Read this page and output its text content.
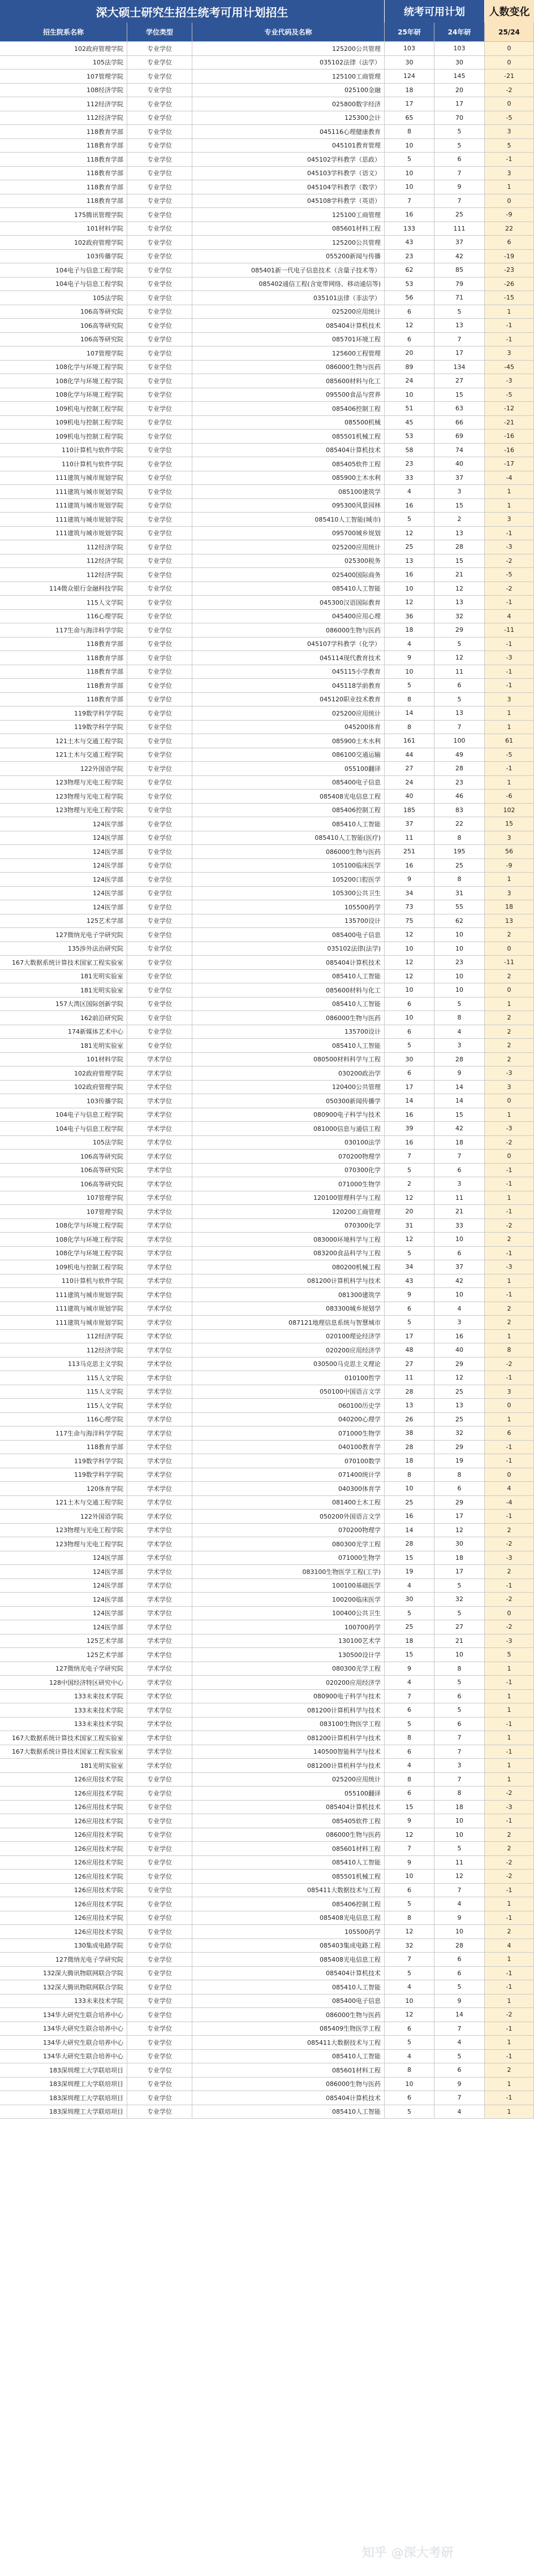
深大硕士研究生招生统考可用计划招生	统考可用计划	人数变化
招生院系名称	学位类型	专业代码及名称	25年研	24年研	25/24
102政府管理学院	专业学位	125200公共管理	103	103	0
105法学院	专业学位	035102法律（法学）	30	30	0
107管理学院	专业学位	125100工商管理	124	145	-21
108经济学院	专业学位	025100金融	18	20	-2
112经济学院	专业学位	025800数字经济	17	17	0
112经济学院	专业学位	125300会计	65	70	-5
118教育学部	专业学位	045116心理健康教育	8	5	3
118教育学部	专业学位	045101教育管理	10	5	5
118教育学部	专业学位	045102学科教学（思政）	5	6	-1
118教育学部	专业学位	045103学科教学（语文）	10	7	3
118教育学部	专业学位	045104学科教学（数学）	10	9	1
118教育学部	专业学位	045108学科教学（英语）	7	7	0
175腾讯管理学院	专业学位	125100工商管理	16	25	-9
101材料学院	专业学位	085601材料工程	133	111	22
102政府管理学院	专业学位	125200公共管理	43	37	6
103传播学院	专业学位	055200新闻与传播	23	42	-19
104电子与信息工程学院	专业学位	085401新一代电子信息技术（含量子技术等）	62	85	-23
104电子与信息工程学院	专业学位	085402通信工程(含宽带网络、移动通信等)	53	79	-26
105法学院	专业学位	035101法律（非法学）	56	71	-15
106高等研究院	专业学位	025200应用统计	6	5	1
106高等研究院	专业学位	085404计算机技术	12	13	-1
106高等研究院	专业学位	085701环境工程	6	7	-1
107管理学院	专业学位	125600工程管理	20	17	3
108化学与环境工程学院	专业学位	086000生物与医药	89	134	-45
108化学与环境工程学院	专业学位	085600材料与化工	24	27	-3
108化学与环境工程学院	专业学位	095500食品与营养	10	15	-5
109机电与控制工程学院	专业学位	085406控制工程	51	63	-12
109机电与控制工程学院	专业学位	085500机械	45	66	-21
109机电与控制工程学院	专业学位	085501机械工程	53	69	-16
110计算机与软件学院	专业学位	085404计算机技术	58	74	-16
110计算机与软件学院	专业学位	085405软件工程	23	40	-17
111建筑与城市规划学院	专业学位	085900土木水利	33	37	-4
111建筑与城市规划学院	专业学位	085100建筑学	4	3	1
111建筑与城市规划学院	专业学位	095300风景园林	16	15	1
111建筑与城市规划学院	专业学位	085410人工智能(城市)	5	2	3
111建筑与城市规划学院	专业学位	095700城乡规划	12	13	-1
112经济学院	专业学位	025200应用统计	25	28	-3
112经济学院	专业学位	025300税务	13	15	-2
112经济学院	专业学位	025400国际商务	16	21	-5
114微众银行金融科技学院	专业学位	085410人工智能	10	12	-2
115人文学院	专业学位	045300汉语国际教育	12	13	-1
116心理学院	专业学位	045400应用心理	36	32	4
117生命与海洋科学学院	专业学位	086000生物与医药	18	29	-11
118教育学部	专业学位	045107学科教学（化学）	4	5	-1
118教育学部	专业学位	045114现代教育技术	9	12	-3
118教育学部	专业学位	045115小学教育	10	11	-1
118教育学部	专业学位	045118学前教育	5	6	-1
118教育学部	专业学位	045120职业技术教育	8	5	3
119数学科学学院	专业学位	025200应用统计	14	13	1
119数学科学学院	专业学位	045200体育	8	7	1
121土木与交通工程学院	专业学位	085900土木水利	161	100	61
121土木与交通工程学院	专业学位	086100交通运输	44	49	-5
122外国语学院	专业学位	055100翻译	27	28	-1
123物理与光电工程学院	专业学位	085400电子信息	24	23	1
123物理与光电工程学院	专业学位	085408光电信息工程	40	46	-6
123物理与光电工程学院	专业学位	085406控制工程	185	83	102
124医学部	专业学位	085410人工智能	37	22	15
124医学部	专业学位	085410人工智能(医疗)	11	8	3
124医学部	专业学位	086000生物与医药	251	195	56
124医学部	专业学位	105100临床医学	16	25	-9
124医学部	专业学位	105200口腔医学	9	8	1
124医学部	专业学位	105300公共卫生	34	31	3
124医学部	专业学位	105500药学	73	55	18
125艺术学部	专业学位	135700设计	75	62	13
127微纳光电子学研究院	专业学位	085400电子信息	12	10	2
135涉外法治研究院	专业学位	035102法律(法学)	10	10	0
167大数据系统计算技术国家工程实验室	专业学位	085404计算机技术	12	23	-11
181光明实验室	专业学位	085410人工智能	12	10	2
181光明实验室	专业学位	085600材料与化工	10	10	0
157大湾区国际创新学院	专业学位	085410人工智能	6	5	1
162前沿研究院	专业学位	086000生物与医药	10	8	2
174新媒体艺术中心	专业学位	135700设计	6	4	2
181光明实验室	专业学位	085410人工智能	5	3	2
101材料学院	学术学位	080500材料科学与工程	30	28	2
102政府管理学院	学术学位	030200政治学	6	9	-3
102政府管理学院	学术学位	120400公共管理	17	14	3
103传播学院	学术学位	050300新闻传播学	14	14	0
104电子与信息工程学院	学术学位	080900电子科学与技术	16	15	1
104电子与信息工程学院	学术学位	081000信息与通信工程	39	42	-3
105法学院	学术学位	030100法学	16	18	-2
106高等研究院	学术学位	070200物理学	7	7	0
106高等研究院	学术学位	070300化学	5	6	-1
106高等研究院	学术学位	071000生物学	2	3	-1
107管理学院	学术学位	120100管理科学与工程	12	11	1
107管理学院	学术学位	120200工商管理	20	21	-1
108化学与环境工程学院	学术学位	070300化学	31	33	-2
108化学与环境工程学院	学术学位	083000环境科学与工程	12	10	2
108化学与环境工程学院	学术学位	083200食品科学与工程	5	6	-1
109机电与控制工程学院	学术学位	080200机械工程	34	37	-3
110计算机与软件学院	学术学位	081200计算机科学与技术	43	42	1
111建筑与城市规划学院	学术学位	081300建筑学	9	10	-1
111建筑与城市规划学院	学术学位	083300城乡规划学	6	4	2
111建筑与城市规划学院	学术学位	087121地理信息系统与智慧城市	5	3	2
112经济学院	学术学位	020100理论经济学	17	16	1
112经济学院	学术学位	020200应用经济学	48	40	8
113马克思主义学院	学术学位	030500马克思主义理论	27	29	-2
115人文学院	学术学位	010100哲学	11	12	-1
115人文学院	学术学位	050100中国语言文学	28	25	3
115人文学院	学术学位	060100历史学	13	13	0
116心理学院	学术学位	040200心理学	26	25	1
117生命与海洋科学学院	学术学位	071000生物学	38	32	6
118教育学部	学术学位	040100教育学	28	29	-1
119数学科学学院	学术学位	070100数学	18	19	-1
119数学科学学院	学术学位	071400统计学	8	8	0
120体育学院	学术学位	040300体育学	10	6	4
121土木与交通工程学院	学术学位	081400土木工程	25	29	-4
122外国语学院	学术学位	050200外国语言文学	16	17	-1
123物理与光电工程学院	学术学位	070200物理学	14	12	2
123物理与光电工程学院	学术学位	080300光学工程	28	30	-2
124医学部	学术学位	071000生物学	15	18	-3
124医学部	学术学位	083100生物医学工程(工学)	19	17	2
124医学部	学术学位	100100基础医学	4	5	-1
124医学部	学术学位	100200临床医学	30	32	-2
124医学部	学术学位	100400公共卫生	5	5	0
124医学部	学术学位	100700药学	25	27	-2
125艺术学部	学术学位	130100艺术学	18	21	-3
125艺术学部	学术学位	130500设计学	15	10	5
127微纳光电子学研究院	学术学位	080300光学工程	9	8	1
128中国经济特区研究中心	学术学位	020200应用经济学	4	5	-1
133未来技术学院	学术学位	080900电子科学与技术	7	6	1
133未来技术学院	学术学位	081200计算机科学与技术	6	5	1
133未来技术学院	学术学位	083100生物医学工程	5	6	-1
167大数据系统计算技术国家工程实验室	学术学位	081200计算机科学与技术	8	7	1
167大数据系统计算技术国家工程实验室	学术学位	140500智能科学与技术	6	7	-1
181光明实验室	学术学位	081200计算机科学与技术	4	3	1
126应用技术学院	专业学位	025200应用统计	8	7	1
126应用技术学院	专业学位	055100翻译	6	8	-2
126应用技术学院	专业学位	085404计算机技术	15	18	-3
126应用技术学院	专业学位	085405软件工程	9	10	-1
126应用技术学院	专业学位	086000生物与医药	12	10	2
126应用技术学院	专业学位	085601材料工程	7	5	2
126应用技术学院	专业学位	085410人工智能	9	11	-2
126应用技术学院	专业学位	085501机械工程	10	12	-2
126应用技术学院	专业学位	085411大数据技术与工程	6	7	-1
126应用技术学院	专业学位	085406控制工程	5	4	1
126应用技术学院	专业学位	085408光电信息工程	8	9	-1
126应用技术学院	专业学位	105500药学	12	10	2
130集成电路学院	专业学位	085403集成电路工程	32	28	4
127微纳光电子学研究院	专业学位	085408光电信息工程	7	6	1
132深大腾讯物联网联合学院	专业学位	085404计算机技术	5	6	-1
132深大腾讯物联网联合学院	专业学位	085410人工智能	4	5	-1
133未来技术学院	专业学位	085400电子信息	10	9	1
134华大研究生联合培养中心	专业学位	086000生物与医药	12	14	-2
134华大研究生联合培养中心	专业学位	085409生物医学工程	6	7	-1
134华大研究生联合培养中心	专业学位	085411大数据技术与工程	5	4	1
134华大研究生联合培养中心	专业学位	085410人工智能	4	5	-1
183深圳理工大学联培项目	专业学位	085601材料工程	8	6	2
183深圳理工大学联培项目	专业学位	086000生物与医药	10	9	1
183深圳理工大学联培项目	专业学位	085404计算机技术	6	7	-1
183深圳理工大学联培项目	专业学位	085410人工智能	5	4	1
知乎 @深大考研
